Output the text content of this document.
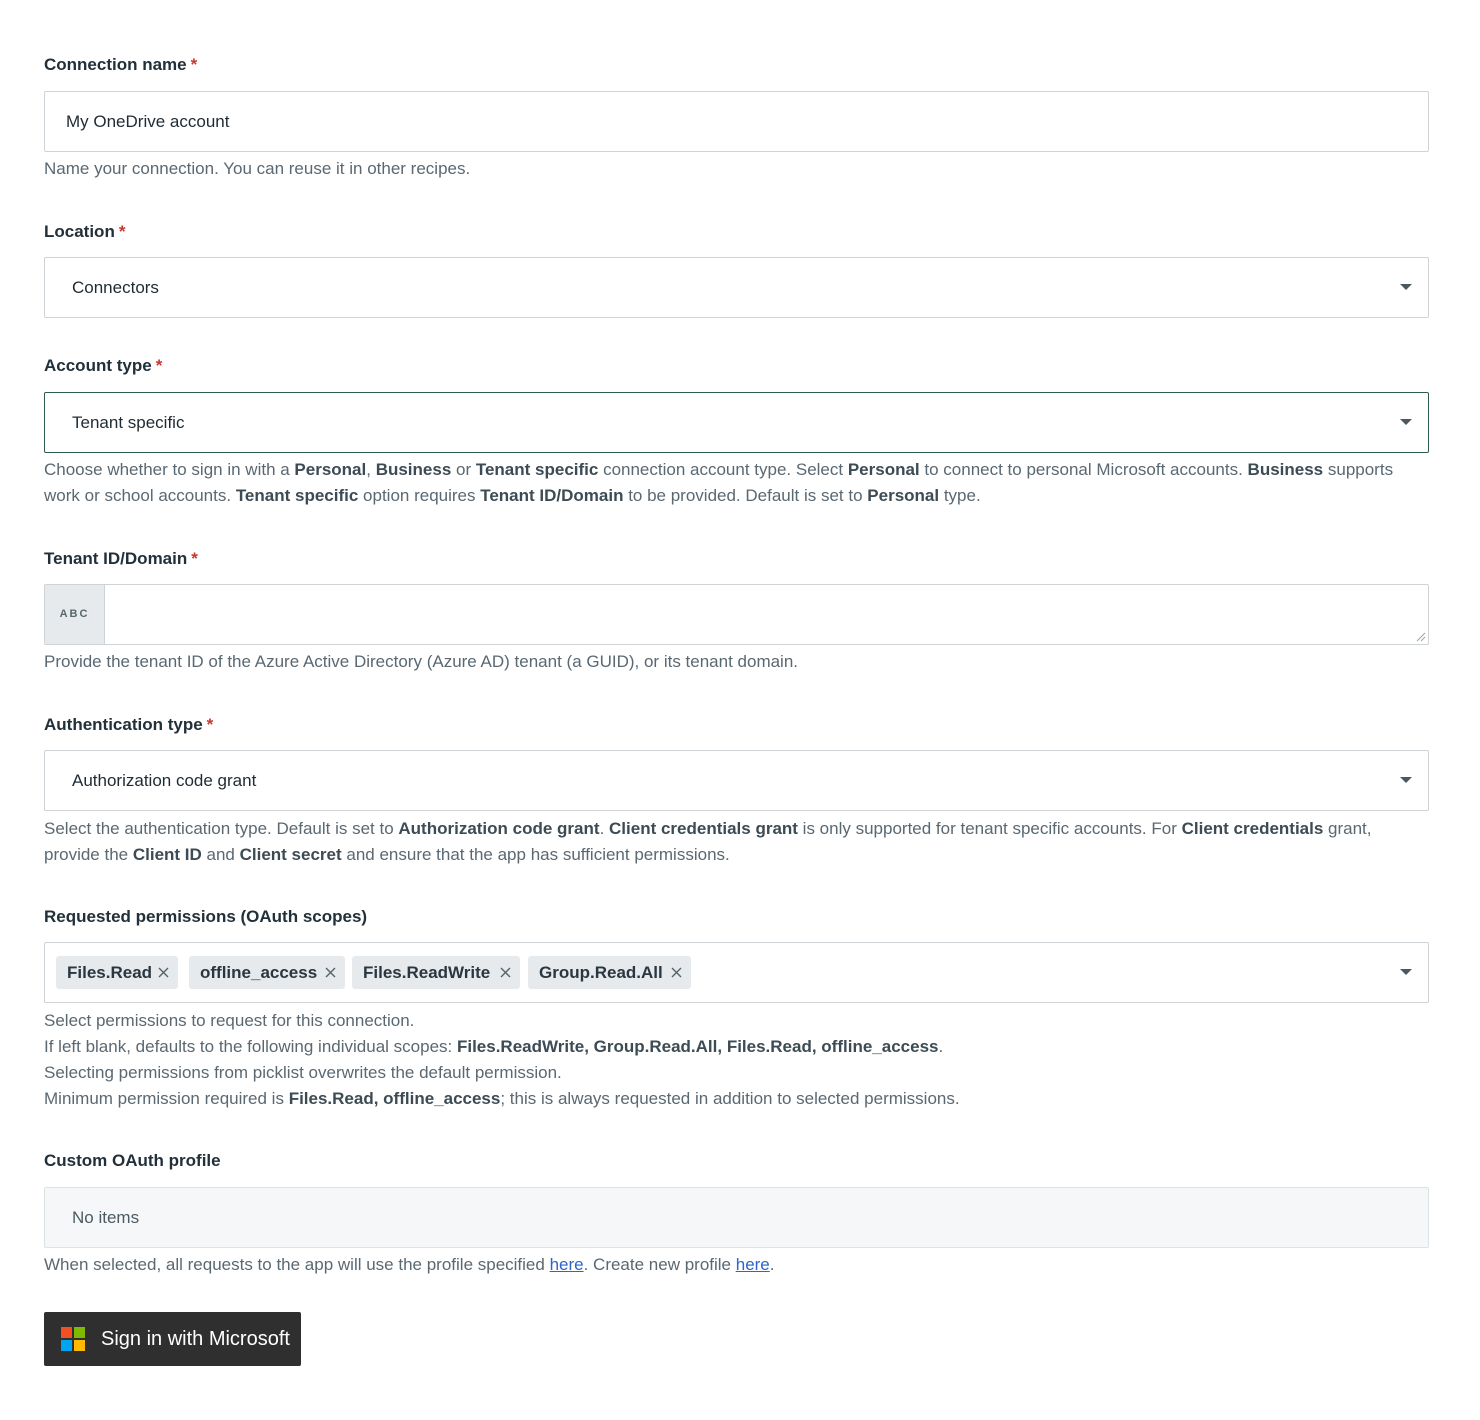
Connection name *
My OneDrive account
Name your connection. You can reuse it in other recipes.
Location *
Connectors
Account type *
Tenant specific
Choose whether to sign in with a Personal, Business or Tenant specific connection account type. Select Personal to connect to personal Microsoft accounts. Business supports work or school accounts. Tenant specific option requires Tenant ID/Domain to be provided. Default is set to Personal type.
Tenant ID/Domain *
ABC
Provide the tenant ID of the Azure Active Directory (Azure AD) tenant (a GUID), or its tenant domain.
Authentication type *
Authorization code grant
Select the authentication type. Default is set to Authorization code grant. Client credentials grant is only supported for tenant specific accounts. For Client credentials grant, provide the Client ID and Client secret and ensure that the app has sufficient permissions.
Requested permissions (OAuth scopes)
Files.Read	offline_access	Files.ReadWrite	Group.Read.All
Select permissions to request for this connection.
If left blank, defaults to the following individual scopes: Files.ReadWrite, Group.Read.All, Files.Read, offline_access.
Selecting permissions from picklist overwrites the default permission.
Minimum permission required is Files.Read, offline_access; this is always requested in addition to selected permissions.
Custom OAuth profile
No items
When selected, all requests to the app will use the profile specified here. Create new profile here.
Sign in with Microsoft
